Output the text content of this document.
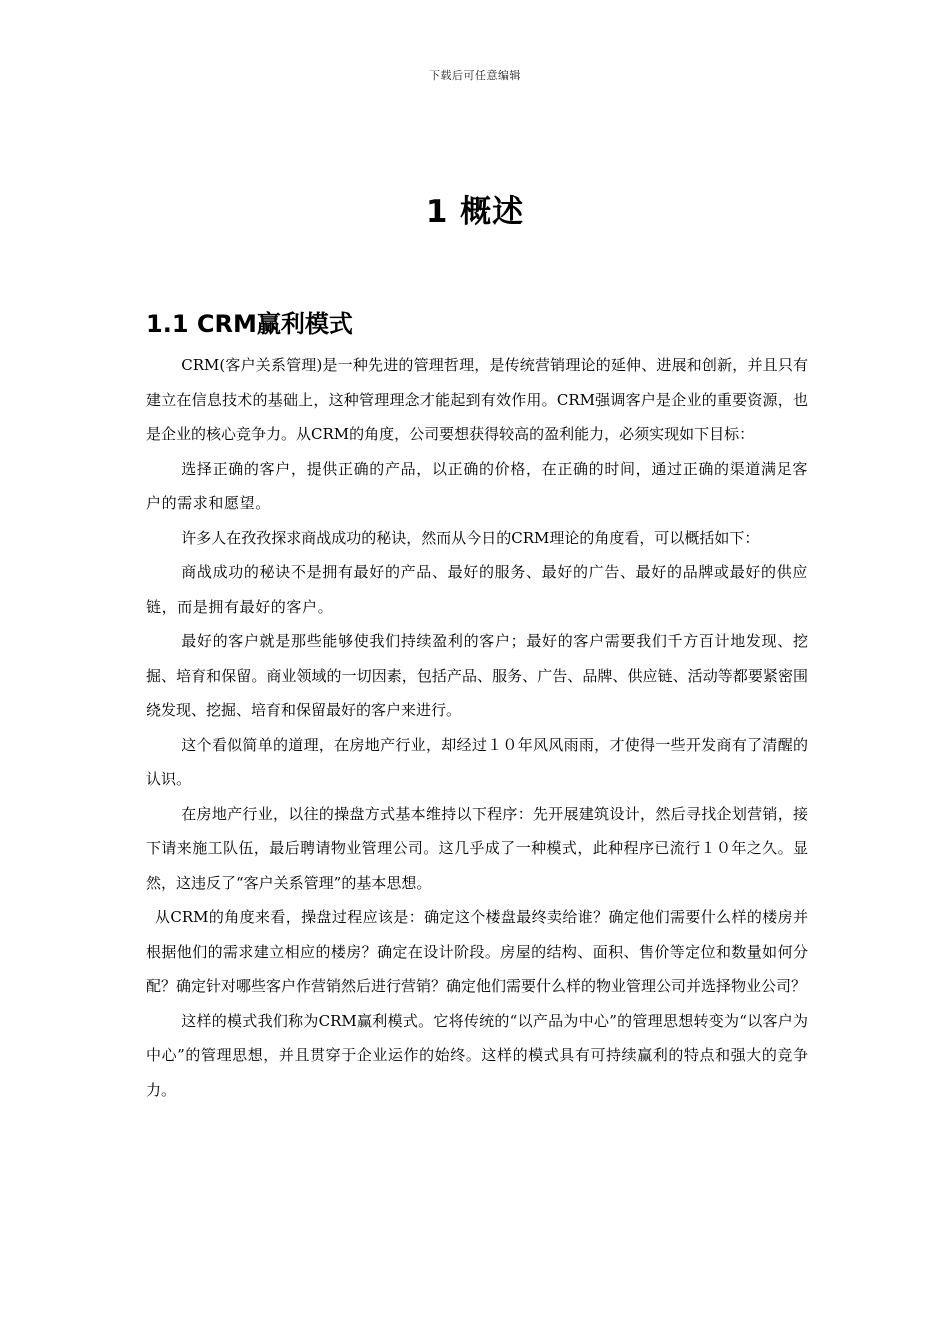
下载后可任意编辑
1 概述
1.1 CRM赢利模式

CRM(客户关系管理)是一种先进的管理哲理，是传统营销理论的延伸、进展和创新，并且只有建立在信息技术的基础上，这种管理理念才能起到有效作用。CRM强调客户是企业的重要资源，也是企业的核心竞争力。从CRM的角度，公司要想获得较高的盈利能力，必须实现如下目标：

选择正确的客户，提供正确的产品，以正确的价格，在正确的时间，通过正确的渠道满足客户的需求和愿望。

许多人在孜孜探求商战成功的秘诀，然而从今日的CRM理论的角度看，可以概括如下：

商战成功的秘诀不是拥有最好的产品、最好的服务、最好的广告、最好的品牌或最好的供应链，而是拥有最好的客户。

最好的客户就是那些能够使我们持续盈利的客户；最好的客户需要我们千方百计地发现、挖掘、培育和保留。商业领域的一切因素，包括产品、服务、广告、品牌、供应链、活动等都要紧密围绕发现、挖掘、培育和保留最好的客户来进行。

这个看似简单的道理，在房地产行业，却经过１０年风风雨雨，才使得一些开发商有了清醒的认识。

在房地产行业，以往的操盘方式基本维持以下程序：先开展建筑设计，然后寻找企划营销，接下请来施工队伍，最后聘请物业管理公司。这几乎成了一种模式，此种程序已流行１０年之久。显然，这违反了“客户关系管理”的基本思想。

从CRM的角度来看，操盘过程应该是：确定这个楼盘最终卖给谁？确定他们需要什么样的楼房并根据他们的需求建立相应的楼房？确定在设计阶段。房屋的结构、面积、售价等定位和数量如何分配？确定针对哪些客户作营销然后进行营销？确定他们需要什么样的物业管理公司并选择物业公司？

这样的模式我们称为CRM赢利模式。它将传统的“以产品为中心”的管理思想转变为“以客户为中心”的管理思想，并且贯穿于企业运作的始终。这样的模式具有可持续赢利的特点和强大的竞争力。
